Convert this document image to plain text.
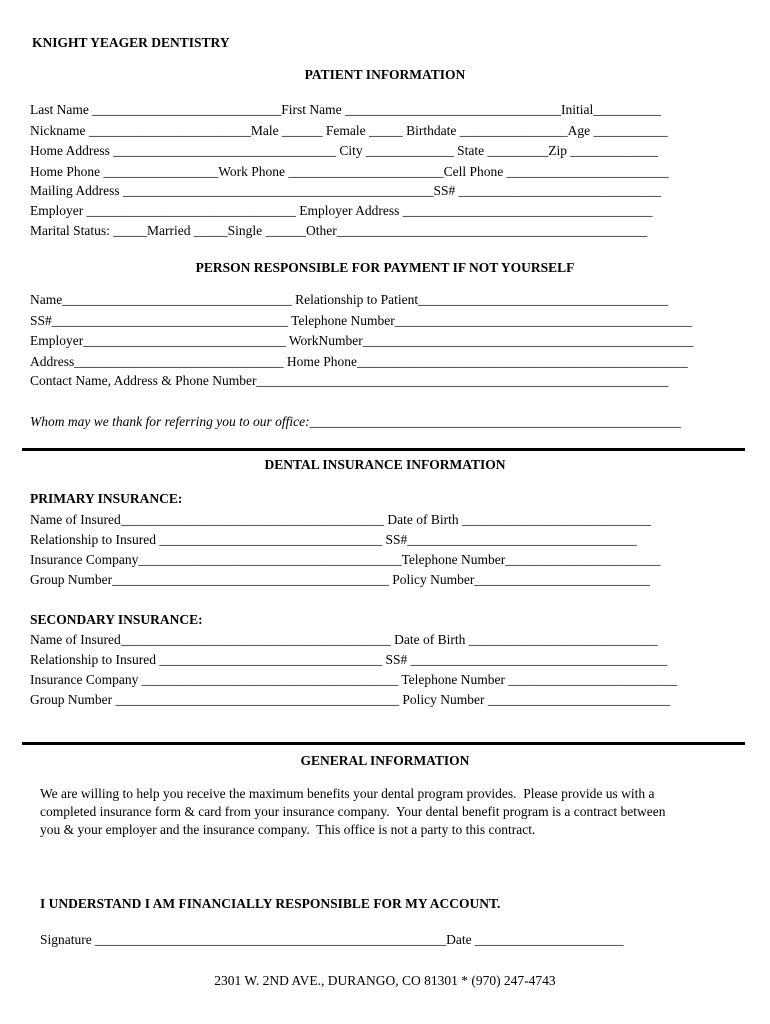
KNIGHT YEAGER DENTISTRY
PATIENT INFORMATION
Last Name ____________________________First Name ________________________________Initial__________
Nickname ________________________Male ______ Female _____ Birthdate ________________Age ___________
Home Address _________________________________ City _____________ State _________Zip _____________
Home Phone _________________Work Phone _______________________Cell Phone ________________________
Mailing Address ______________________________________________SS# ______________________________
Employer _______________________________ Employer Address _____________________________________
Marital Status: _____Married _____Single ______Other______________________________________________
PERSON RESPONSIBLE FOR PAYMENT IF NOT YOURSELF
Name__________________________________ Relationship to Patient_____________________________________
SS#___________________________________ Telephone Number____________________________________________
Employer______________________________ WorkNumber_________________________________________________
Address_______________________________ Home Phone_________________________________________________
Contact Name, Address & Phone Number_____________________________________________________________
Whom may we thank for referring you to our office:_______________________________________________________
DENTAL INSURANCE INFORMATION
PRIMARY INSURANCE:
Name of Insured_______________________________________ Date of Birth ____________________________
Relationship to Insured _________________________________ SS#__________________________________
Insurance Company_______________________________________Telephone Number_______________________
Group Number_________________________________________ Policy Number__________________________
SECONDARY INSURANCE:
Name of Insured________________________________________ Date of Birth ____________________________
Relationship to Insured _________________________________ SS# ______________________________________
Insurance Company ______________________________________ Telephone Number _________________________
Group Number __________________________________________ Policy Number ___________________________
GENERAL INFORMATION
We are willing to help you receive the maximum benefits your dental program provides.  Please provide us with a
completed insurance form & card from your insurance company.  Your dental benefit program is a contract between
you & your employer and the insurance company.  This office is not a party to this contract.
I UNDERSTAND I AM FINANCIALLY RESPONSIBLE FOR MY ACCOUNT.
Signature ____________________________________________________Date ______________________
2301 W. 2ND AVE., DURANGO, CO 81301 * (970) 247-4743
